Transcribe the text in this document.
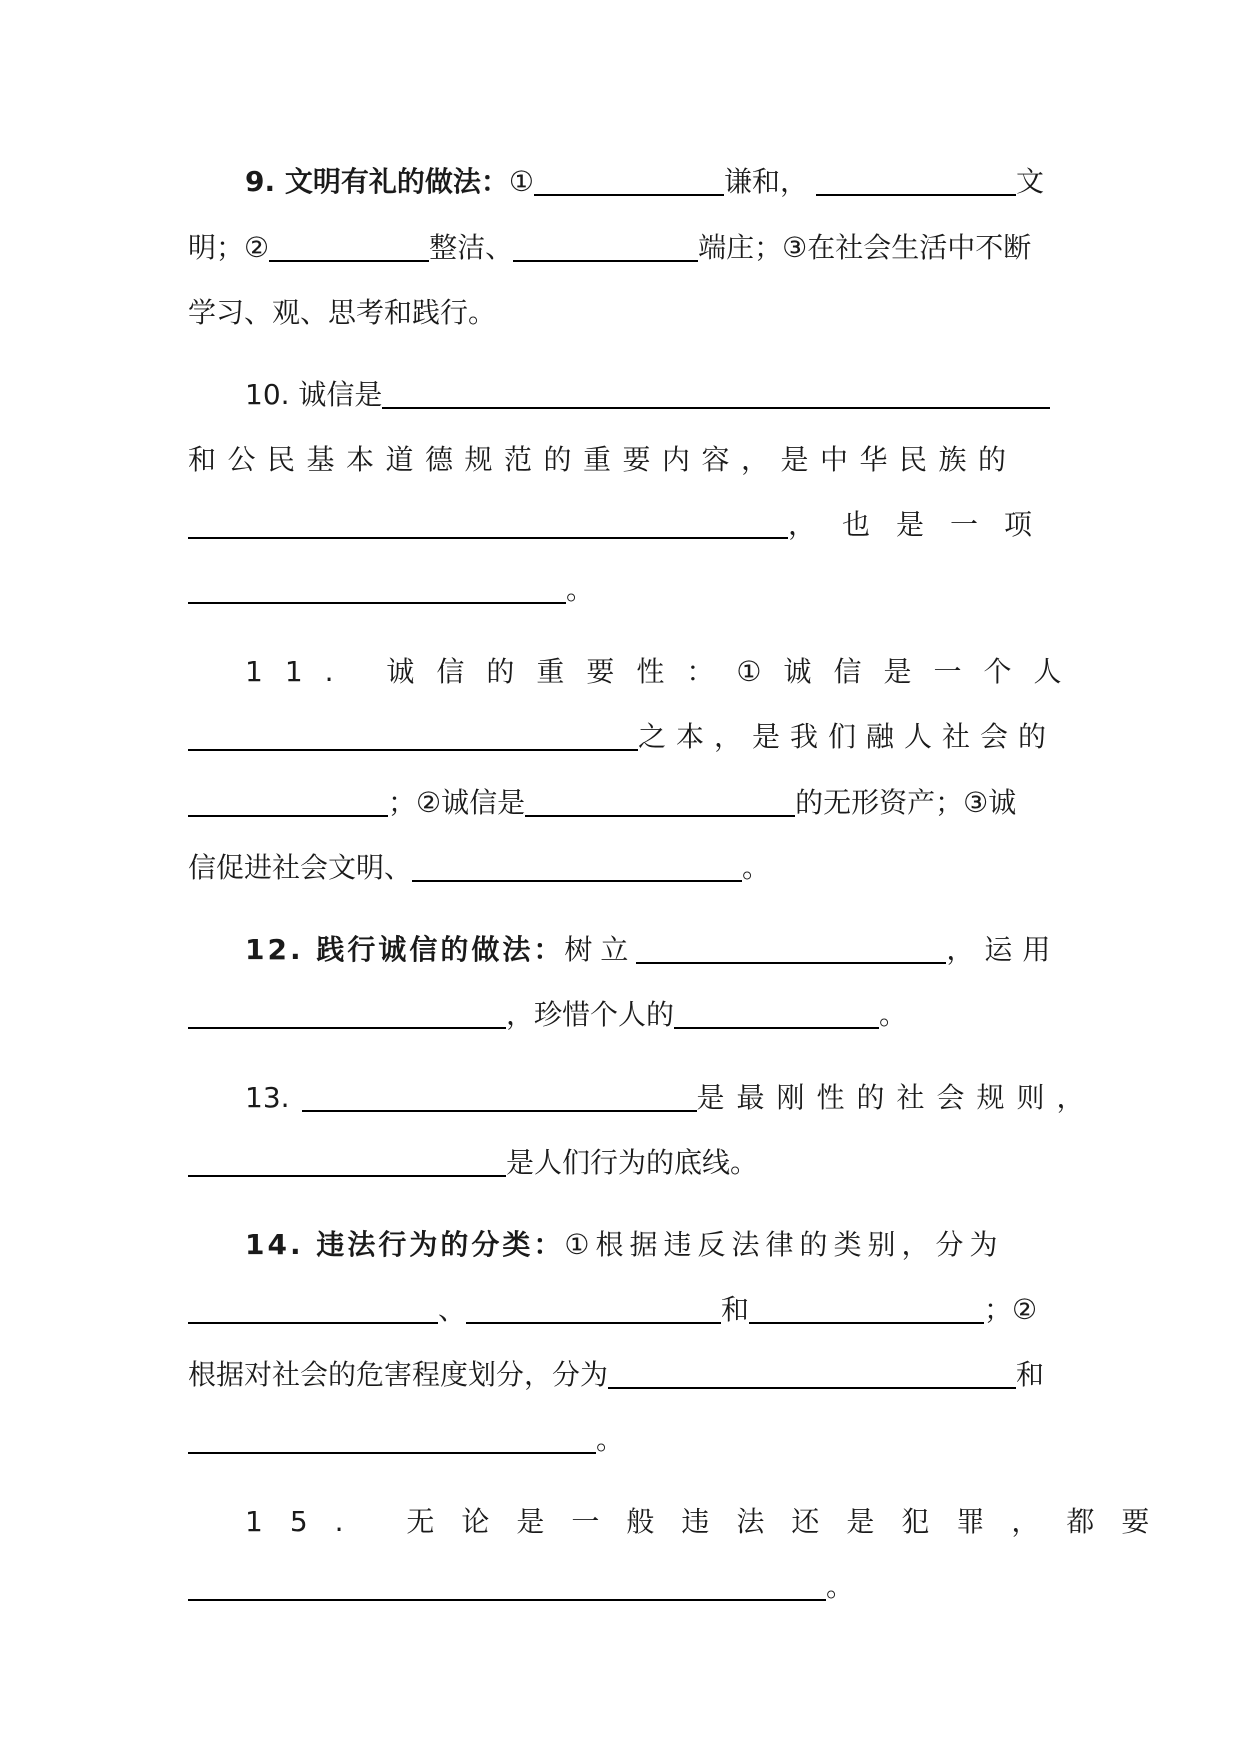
9. 文明有礼的做法： ①	谦和，	文
明；②	整洁、	端庄；③在社会生活中不断
学习、观、思考和践行。
10. 诚信是
和公民基本道德规范的重要内容，是中华民族的
，也是一项
。
11. 诚信的重要性：①诚信是一个人
之本，是我们融人社会的
；②诚信是	的无形资产；③诚
信促进社会文明、	。
12. 践行诚信的做法： 树立	，运用
，珍惜个人的	。
13.	是最刚性的社会规则，
是人们行为的底线。
14. 违法行为的分类： ①根据违反法律的类别，分为
、	和	；②
根据对社会的危害程度划分，分为	和
。
15. 无论是一般违法还是犯罪，都要
。
